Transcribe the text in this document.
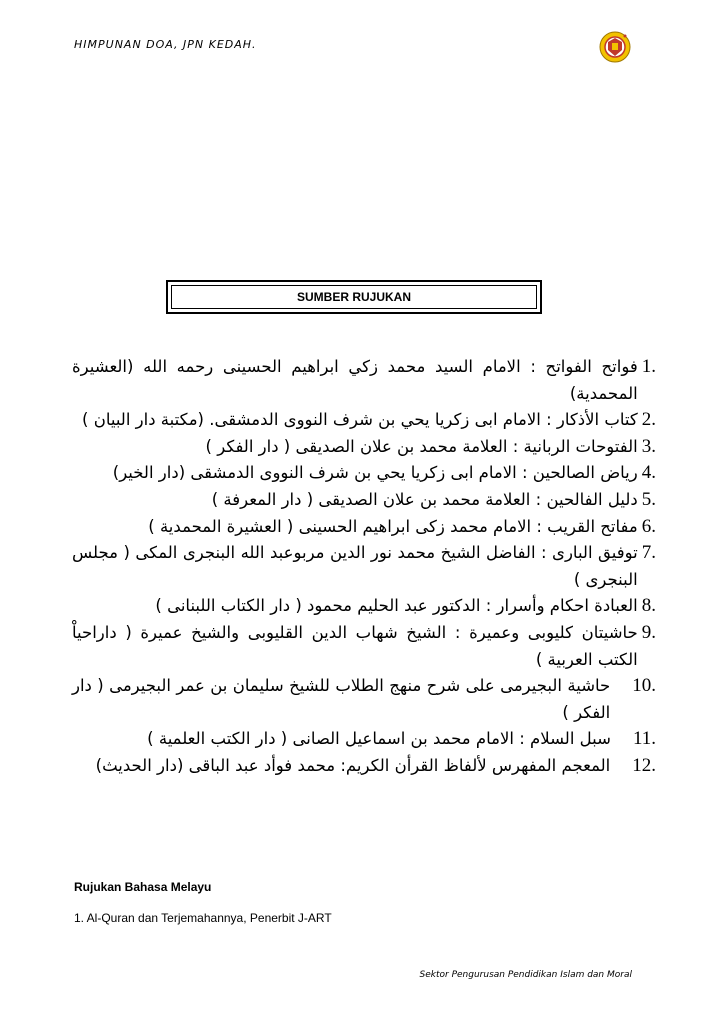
HIMPUNAN DOA, JPN KEDAH.
SUMBER RUJUKAN
1.
فواتح الفواتح : الامام السيد محمد زكي ابراهيم الحسينى رحمه الله (العشيرة المحمدية)
2.
كتاب الأذكار : الامام ابى زكريا يحي بن شرف النووى الدمشقى. (مكتبة دار البيان )
3.
الفتوحات الربانية : العلامة محمد بن علان الصديقى ( دار الفكر )
4.
رياض الصالحين : الامام ابى زكريا يحي بن شرف النووى الدمشقى (دار الخير)
5.
دليل الفالحين : العلامة محمد بن علان الصديقى ( دار المعرفة )
6.
مفاتح القريب : الامام محمد زكى ابراهيم الحسينى ( العشيرة المحمدية )
7.
توفيق البارى : الفاضل الشيخ محمد نور الدين مربوعبد الله البنجرى المكى ( مجلس البنجرى )
8.
العبادة احكام وأسرار : الدكتور عبد الحليم محمود ( دار الكتاب اللبنانى )
9.
حاشيتان كليوبى وعميرة : الشيخ شهاب الدين القليوبى والشيخ عميرة ( داراحياْ الكتب العربية )
10.
حاشية البجيرمى على شرح منهج الطلاب للشيخ سليمان بن عمر البجيرمى ( دار الفكر )
11.
سبل السلام : الامام محمد بن اسماعيل الصانى ( دار الكتب العلمية )
12.
المعجم المفهرس لألفاظ القرأن الكريم: محمد فوأد عبد الباقى (دار الحديث)
Rujukan Bahasa Melayu
1. Al-Quran dan Terjemahannya, Penerbit J-ART
Sektor Pengurusan Pendidikan Islam dan Moral
